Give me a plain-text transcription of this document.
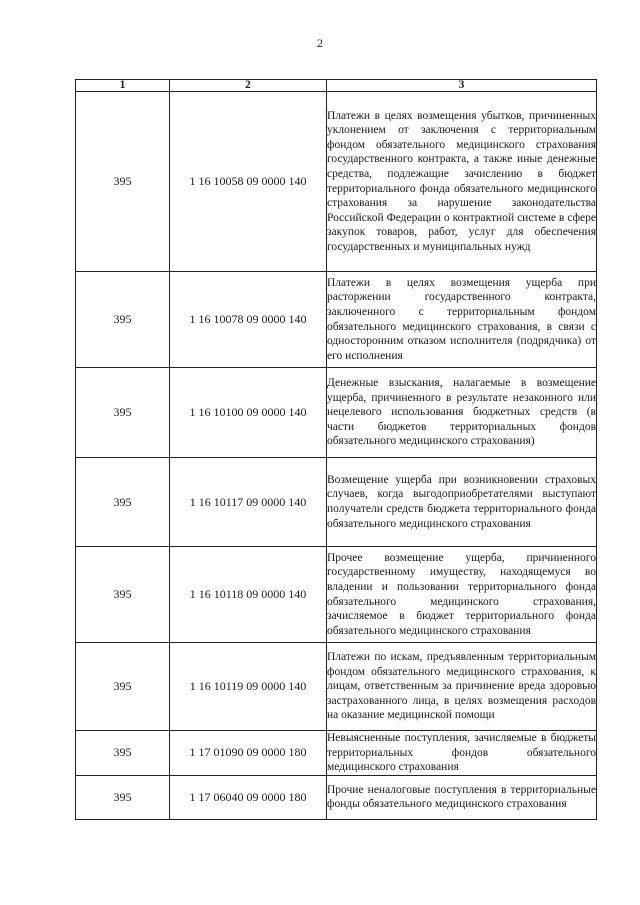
2
1	2	3
395	1 16 10058 09 0000 140	Платежи в целях возмещения убытков, причиненных уклонением от заключения с территориальным фондом обязательного медицинского страхования государственного контракта, а также иные денежные средства, подлежащие зачислению в бюджет территориального фонда обязательного медицинского страхования за нарушение законодательства Российской Федерации о контрактной системе в сфере закупок товаров, работ, услуг для обеспечения государственных и муниципальных нужд
395	1 16 10078 09 0000 140	Платежи в целях возмещения ущерба при расторжении государственного контракта, заключенного с территориальным фондом обязательного медицинского страхования, в связи с односторонним отказом исполнителя (подрядчика) от его исполнения
395	1 16 10100 09 0000 140	Денежные взыскания, налагаемые в возмещение ущерба, причиненного в результате незаконного или нецелевого использования бюджетных средств (в части бюджетов территориальных фондов обязательного медицинского страхования)
395	1 16 10117 09 0000 140	Возмещение ущерба при возникновении страховых случаев, когда выгодоприобретателями выступают получатели средств бюджета территориального фонда обязательного медицинского страхования
395	1 16 10118 09 0000 140	Прочее возмещение ущерба, причиненного государственному имуществу, находящемуся во владении и пользовании территориального фонда обязательного медицинского страхования, зачисляемое в бюджет территориального фонда обязательного медицинского страхования
395	1 16 10119 09 0000 140	Платежи по искам, предъявленным территориальным фондом обязательного медицинского страхования, к лицам, ответственным за причинение вреда здоровью застрахованного лица, в целях возмещения расходов на оказание медицинской помощи
395	1 17 01090 09 0000 180	Невыясненные поступления, зачисляемые в бюджеты территориальных фондов обязательного медицинского страхования
395	1 17 06040 09 0000 180	Прочие неналоговые поступления в территориальные фонды обязательного медицинского страхования
